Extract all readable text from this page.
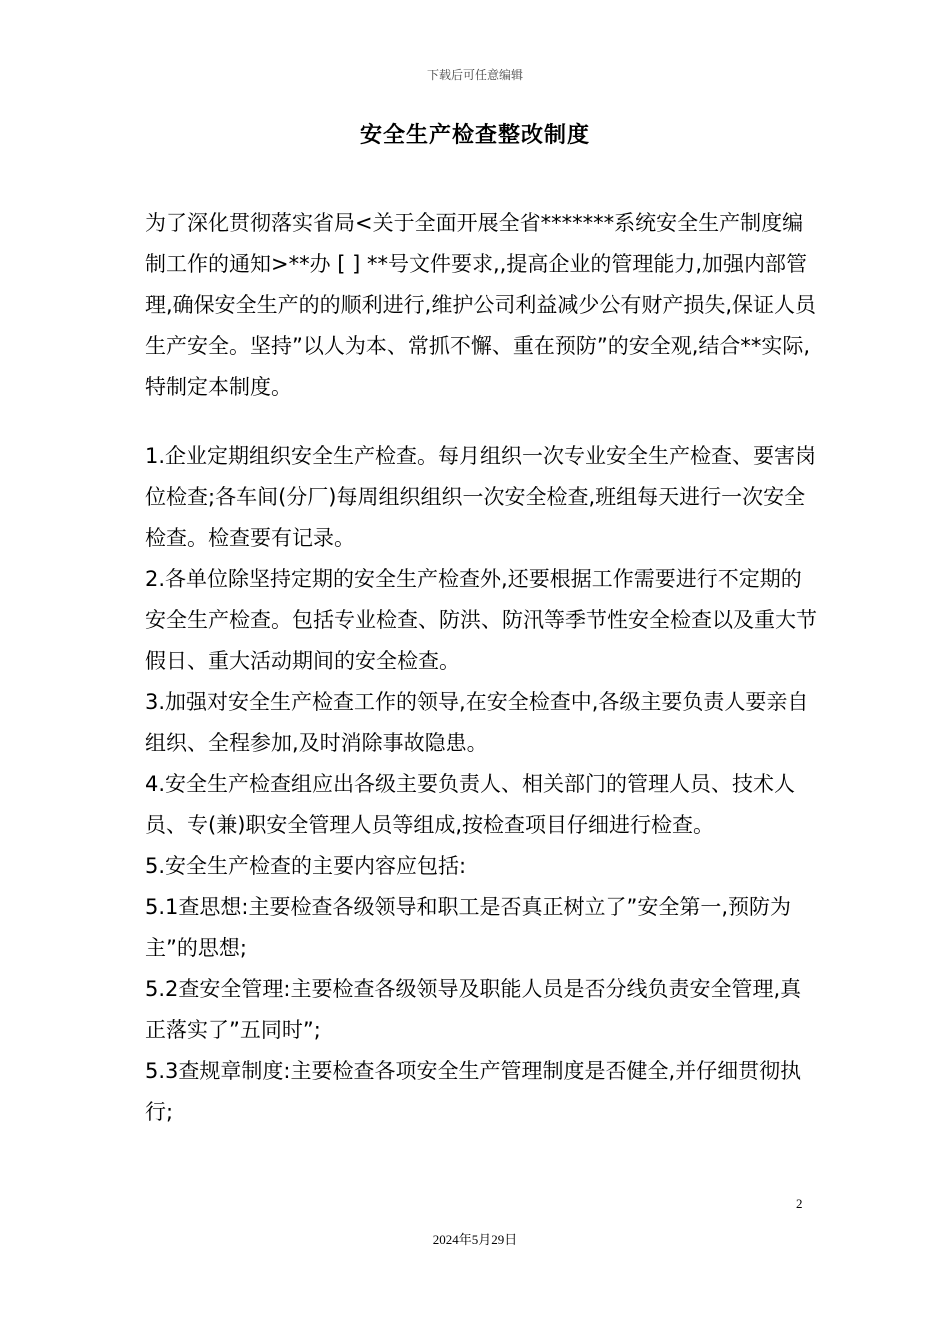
下载后可任意编辑
安全生产检查整改制度

为了深化贯彻落实省局<关于全面开展全省*******系统安全生产制度编制工作的通知>**办 [ ] **号文件要求,,提高企业的管理能力,加强内部管理,确保安全生产的的顺利进行,维护公司利益减少公有财产损失,保证人员生产安全。坚持”以人为本、常抓不懈、重在预防”的安全观,结合**实际,特制定本制度。

1.企业定期组织安全生产检查。每月组织一次专业安全生产检查、要害岗位检查;各车间(分厂)每周组织组织一次安全检查,班组每天进行一次安全检查。检查要有记录。

2.各单位除坚持定期的安全生产检查外,还要根据工作需要进行不定期的安全生产检查。包括专业检查、防洪、防汛等季节性安全检查以及重大节假日、重大活动期间的安全检查。

3.加强对安全生产检查工作的领导,在安全检查中,各级主要负责人要亲自组织、全程参加,及时消除事故隐患。

4.安全生产检查组应出各级主要负责人、相关部门的管理人员、技术人员、专(兼)职安全管理人员等组成,按检查项目仔细进行检查。

5.安全生产检查的主要内容应包括:

5.1查思想:主要检查各级领导和职工是否真正树立了”安全第一,预防为主”的思想;

5.2查安全管理:主要检查各级领导及职能人员是否分线负责安全管理,真正落实了”五同时”;

5.3查规章制度:主要检查各项安全生产管理制度是否健全,并仔细贯彻执行;

2
2024年5月29日
